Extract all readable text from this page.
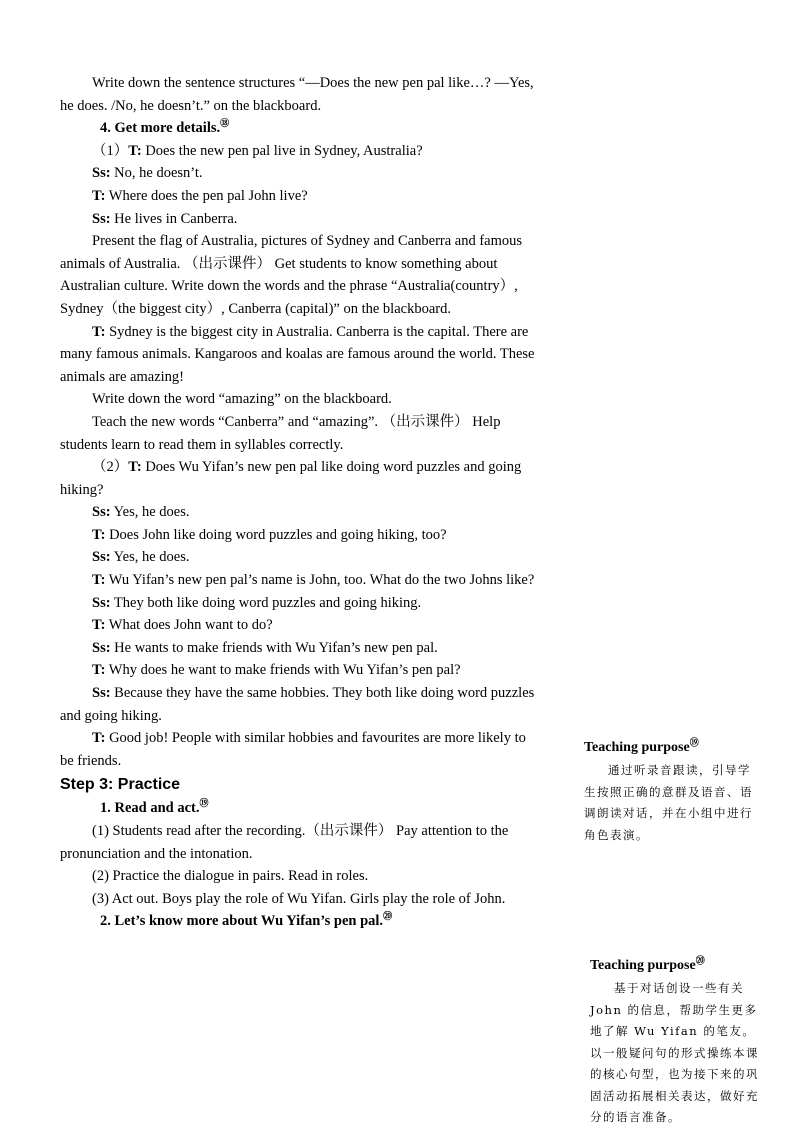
Write down the sentence structures “—Does the new pen pal like…? —Yes, he does. /No, he doesn’t.” on the blackboard.

4. Get more details.⑱

（1）T: Does the new pen pal live in Sydney, Australia?

Ss: No, he doesn’t.

T: Where does the pen pal John live?

Ss: He lives in Canberra.

Present the flag of Australia, pictures of Sydney and Canberra and famous animals of Australia. （出示课件） Get students to know something about Australian culture. Write down the words and the phrase “Australia(country）, Sydney（the biggest city）, Canberra (capital)” on the blackboard.

T: Sydney is the biggest city in Australia. Canberra is the capital. There are many famous animals. Kangaroos and koalas are famous around the world. These animals are amazing!

Write down the word “amazing” on the blackboard.

Teach the new words “Canberra” and “amazing”. （出示课件） Help students learn to read them in syllables correctly.

（2）T: Does Wu Yifan’s new pen pal like doing word puzzles and going hiking?

Ss: Yes, he does.

T: Does John like doing word puzzles and going hiking, too?

Ss: Yes, he does.

T: Wu Yifan’s new pen pal’s name is John, too. What do the two Johns like?

Ss: They both like doing word puzzles and going hiking.

T: What does John want to do?

Ss: He wants to make friends with Wu Yifan’s new pen pal.

T: Why does he want to make friends with Wu Yifan’s pen pal?

Ss: Because they have the same hobbies. They both like doing word puzzles and going hiking.

T: Good job! People with similar hobbies and favourites are more likely to be friends.

Step 3: Practice

1. Read and act.⑲

(1) Students read after the recording.（出示课件） Pay attention to the pronunciation and the intonation.

(2) Practice the dialogue in pairs. Read in roles.

(3) Act out. Boys play the role of Wu Yifan. Girls play the role of John.

2. Let’s know more about Wu Yifan’s pen pal.⑳

Teaching purpose⑲

通过听录音跟读，引导学生按照正确的意群及语音、语调朗读对话，并在小组中进行角色表演。

Teaching purpose⑳

基于对话创设一些有关 John 的信息，帮助学生更多地了解 Wu Yifan 的笔友。以一般疑问句的形式操练本课的核心句型，也为接下来的巩固活动拓展相关表达，做好充分的语言准备。
